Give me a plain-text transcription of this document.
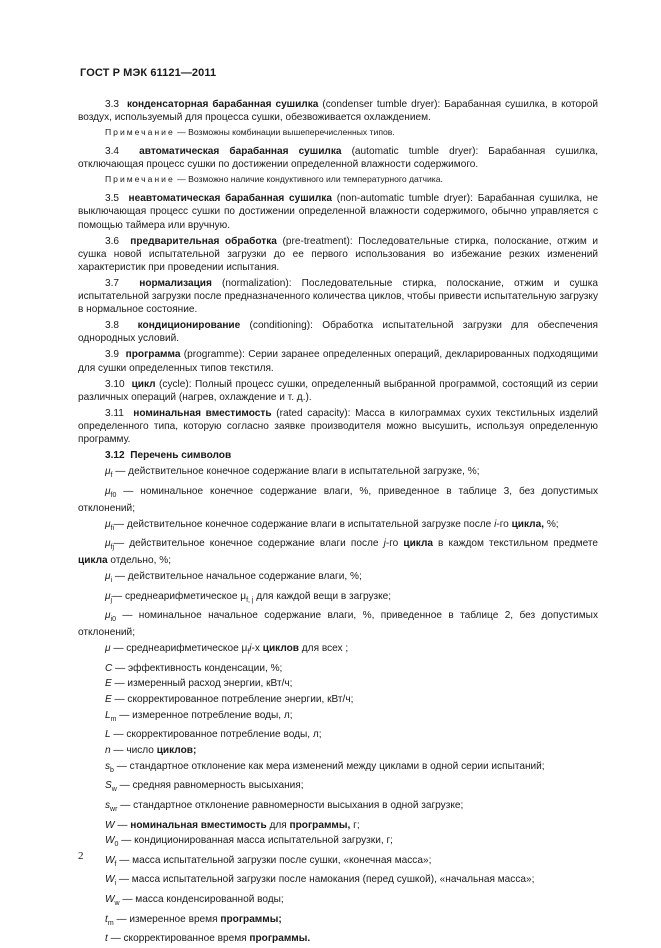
ГОСТ Р МЭК 61121—2011

3.3 конденсаторная барабанная сушилка (condenser tumble dryer): Барабанная сушилка, в которой воздух, используемый для процесса сушки, обезвоживается охлаждением.

Примечание — Возможны комбинации вышеперечисленных типов.

3.4 автоматическая барабанная сушилка (automatic tumble dryer): Барабанная сушилка, отключающая процесс сушки по достижении определенной влажности содержимого.

Примечание — Возможно наличие кондуктивного или температурного датчика.

3.5 неавтоматическая барабанная сушилка (non-automatic tumble dryer): Барабанная сушилка, не выключающая процесс сушки по достижении определенной влажности содержимого, обычно управляется с помощью таймера или вручную.

3.6 предварительная обработка (pre-treatment): Последовательные стирка, полоскание, отжим и сушка новой испытательной загрузки до ее первого использования во избежание резких изменений характеристик при проведении испытания.

3.7 нормализация (normalization): Последовательные стирка, полоскание, отжим и сушка испытательной загрузки после предназначенного количества циклов, чтобы привести испытательную загрузку в нормальное состояние.

3.8 кондиционирование (conditioning): Обработка испытательной загрузки для обеспечения однородных условий.

3.9 программа (programme): Серии заранее определенных операций, декларированных подходящими для сушки определенных типов текстиля.

3.10 цикл (cycle): Полный процесс сушки, определенный выбранной программой, состоящий из серии различных операций (нагрев, охлаждение и т. д.).

3.11 номинальная вместимость (rated capacity): Масса в килограммах сухих текстильных изделий определенного типа, которую согласно заявке производителя можно высушить, используя определенную программу.

3.12 Перечень символов

$\mu_f$ — действительное конечное содержание влаги в испытательной загрузке, %;

$\mu_{f0}$ — номинальное конечное содержание влаги, %, приведенное в таблице 3, без допустимых отклонений;

$\mu_{fi}—$ действительное конечное содержание влаги в испытательной загрузке после i-го цикла, %;

$\mu_{fj}—$ действительное конечное содержание влаги после j-го цикла в каждом текстильном предмете цикла отдельно, %;

$\mu_i$ — действительное начальное содержание влаги, %;

$\mu_j—$ среднеарифметическое $\mu_{f, j}$ для каждой вещи в загрузке;

$\mu_{i0}$ — номинальное начальное содержание влаги, %, приведенное в таблице 2, без допустимых отклонений;

μ — среднеарифметическое $\mu_fi-х$ циклов для всех ;

C — эффективность конденсации, %;

E — измеренный расход энергии, кВт/ч;

E — скорректированное потребление энергии, кВт/ч;

$L_m$ — измеренное потребление воды, л;

L — скорректированное потребление воды, л;

n — число циклов;

$s_b$ — стандартное отклонение как мера изменений между циклами в одной серии испытаний;

$S_w$ — средняя равномерность высыхания;

$s_{wr}$ — стандартное отклонение равномерности высыхания в одной загрузке;

W — номинальная вместимость для программы, г;

$W_0$ — кондиционированная масса испытательной загрузки, г;

$W_f$ — масса испытательной загрузки после сушки, «конечная масса»;

$W_i$ — масса испытательной загрузки после намокания (перед сушкой), «начальная масса»;

$W_w$ — масса конденсированной воды;

$t_m$ — измеренное время программы;

t — скорректированное время программы.

2
